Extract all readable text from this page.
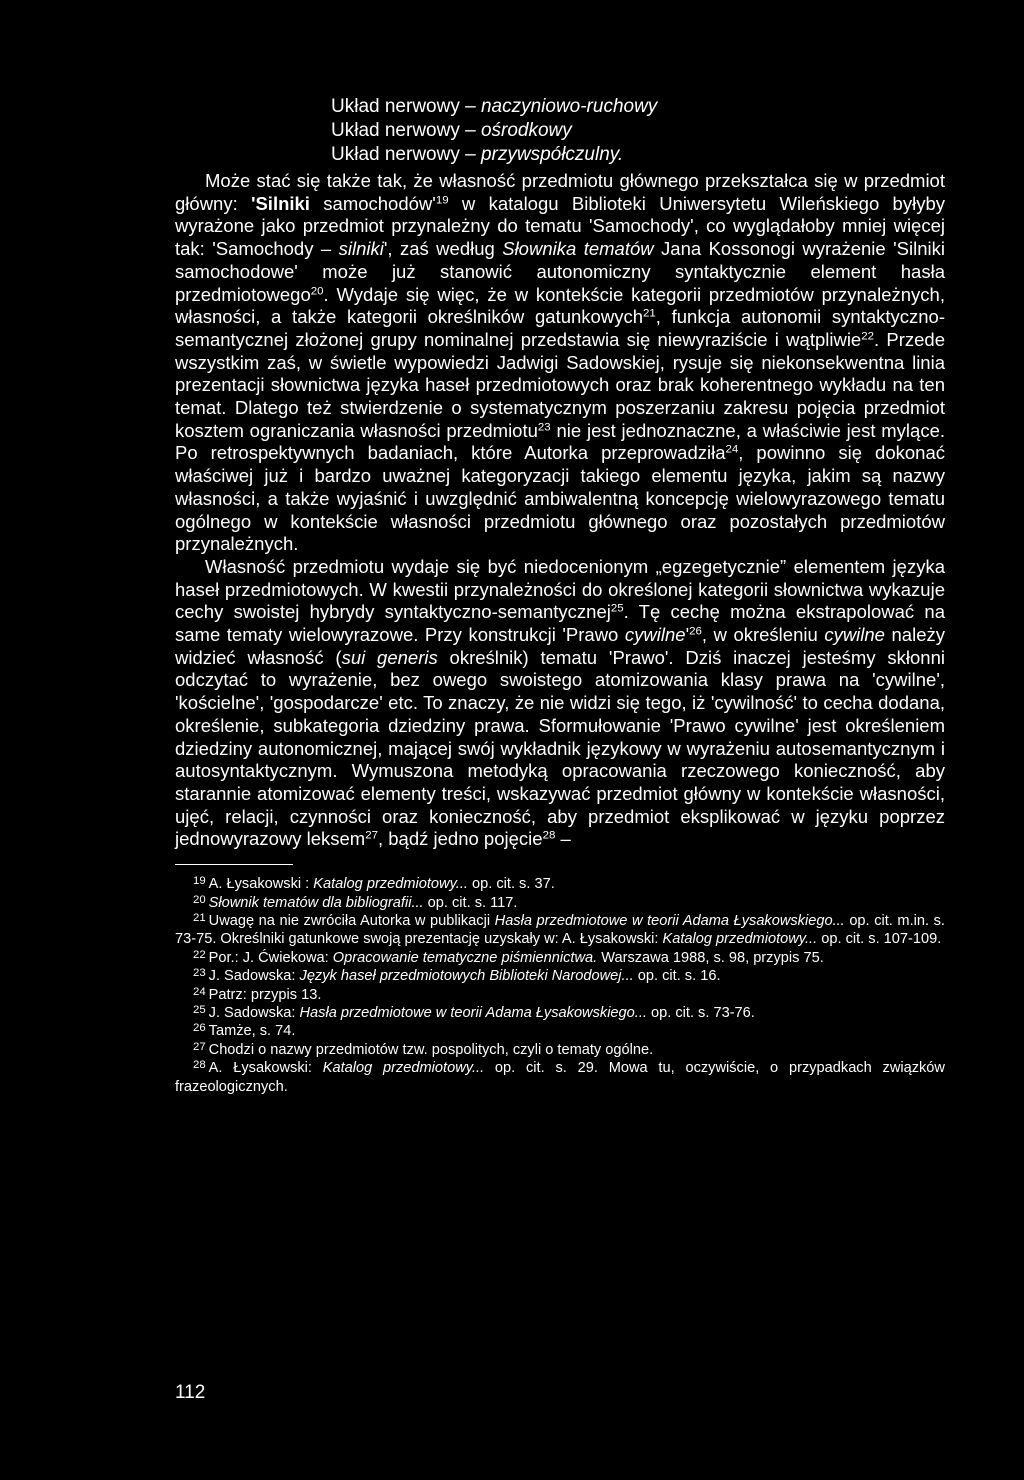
Układ nerwowy – naczyniowo-ruchowy
Układ nerwowy – ośrodkowy
Układ nerwowy – przywspółczulny.

Może stać się także tak, że własność przedmiotu głównego przekształca się w przedmiot główny: 'Silniki $samochodów'^{19}$ w katalogu Biblioteki Uniwersytetu Wileńskiego byłyby wyrażone jako przedmiot przynależny do tematu 'Samochody', co wyglądałoby mniej więcej tak: 'Samochody – silniki', zaś według Słownika tematów Jana Kossonogi wyrażenie 'Silniki samochodowe' może już stanowić autonomiczny syntaktycznie element hasła przedmiotowego$^{20}$. Wydaje się więc, że w kontekście kategorii przedmiotów przynależnych, własności, a także kategorii określników gatunkowych$^{21}$, funkcja autonomii syntaktyczno-semantycznej złożonej grupy nominalnej przedstawia się niewyraziście i wątpliwie$^{22}$. Przede wszystkim zaś, w świetle wypowiedzi Jadwigi Sadowskiej, rysuje się niekonsekwentna linia prezentacji słownictwa języka haseł przedmiotowych oraz brak koherentnego wykładu na ten temat. Dlatego też stwierdzenie o systematycznym poszerzaniu zakresu pojęcia przedmiot kosztem ograniczania własności przedmiotu$^{23}$ nie jest jednoznaczne, a właściwie jest mylące. Po retrospektywnych badaniach, które Autorka przeprowadziła$^{24}$, powinno się dokonać właściwej już i bardzo uważnej kategoryzacji takiego elementu języka, jakim są nazwy własności, a także wyjaśnić i uwzględnić ambiwalentną koncepcję wielowyrazowego tematu ogólnego w kontekście własności przedmiotu głównego oraz pozostałych przedmiotów przynależnych.

Własność przedmiotu wydaje się być niedocenionym „egzegetycznie” elementem języka haseł przedmiotowych. W kwestii przynależności do określonej kategorii słownictwa wykazuje cechy swoistej hybrydy syntaktyczno-semantycznej$^{25}$. Tę cechę można ekstrapolować na same tematy wielowyrazowe. Przy konstrukcji 'Prawo $cywilne'^{26}$, w określeniu cywilne należy widzieć własność (sui generis określnik) tematu 'Prawo'. Dziś inaczej jesteśmy skłonni odczytać to wyrażenie, bez owego swoistego atomizowania klasy prawa na 'cywilne', 'kościelne', 'gospodarcze' etc. To znaczy, że nie widzi się tego, iż 'cywilność' to cecha dodana, określenie, subkategoria dziedziny prawa. Sformułowanie 'Prawo cywilne' jest określeniem dziedziny autonomicznej, mającej swój wykładnik językowy w wyrażeniu autosemantycznym i autosyntaktycznym. Wymuszona metodyką opracowania rzeczowego konieczność, aby starannie atomizować elementy treści, wskazywać przedmiot główny w kontekście własności, ujęć, relacji, czynności oraz konieczność, aby przedmiot eksplikować w języku poprzez jednowyrazowy leksem$^{27}$, bądź jedno pojęcie$^{28}$ –

$^{19}$ A. Łysakowski : Katalog przedmiotowy... op. cit. s. 37.

$^{20}$ Słownik tematów dla bibliografii... op. cit. s. 117.

$^{21}$ Uwagę na nie zwróciła Autorka w publikacji Hasła przedmiotowe w teorii Adama Łysakowskiego... op. cit. m.in. s. 73-75. Określniki gatunkowe swoją prezentację uzyskały w: A. Łysakowski: Katalog przedmiotowy... op. cit. s. 107-109.

$^{22}$ Por.: J. Ćwiekowa: Opracowanie tematyczne piśmiennictwa. Warszawa 1988, s. 98, przypis 75.

$^{23}$ J. Sadowska: Język haseł przedmiotowych Biblioteki Narodowej... op. cit. s. 16.

$^{24}$ Patrz: przypis 13.

$^{25}$ J. Sadowska: Hasła przedmiotowe w teorii Adama Łysakowskiego... op. cit. s. 73-76.

$^{26}$ Tamże, s. 74.

$^{27}$ Chodzi o nazwy przedmiotów tzw. pospolitych, czyli o tematy ogólne.

$^{28}$ A. Łysakowski: Katalog przedmiotowy... op. cit. s. 29. Mowa tu, oczywiście, o przypadkach związków frazeologicznych.

112
